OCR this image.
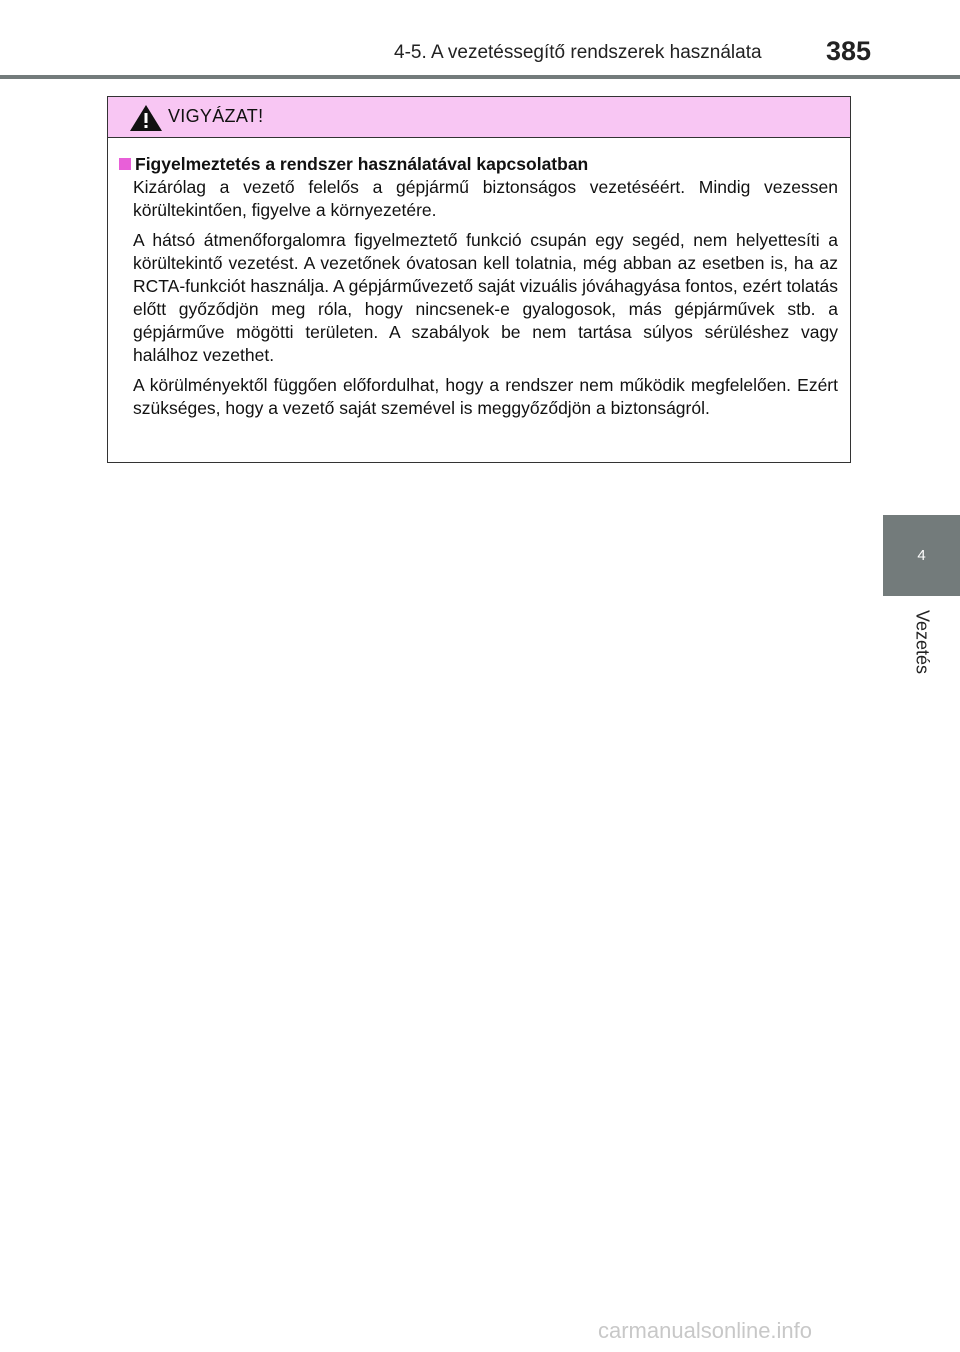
4-5. A vezetéssegítő rendszerek használata 385
VIGYÁZAT!
Figyelmeztetés a rendszer használatával kapcsolatban

Kizárólag a vezető felelős a gépjármű biztonságos vezetéséért. Mindig vezessen körültekintően, figyelve a környezetére.

A hátsó átmenőforgalomra figyelmeztető funkció csupán egy segéd, nem helyettesíti a körültekintő vezetést. A vezetőnek óvatosan kell tolatnia, még abban az esetben is, ha az RCTA-funkciót használja. A gépjárművezető saját vizuális jóváhagyása fontos, ezért tolatás előtt győződjön meg róla, hogy nincsenek-e gyalogosok, más gépjárművek stb. a gépjárműve mögötti területen. A szabályok be nem tartása súlyos sérüléshez vagy halálhoz vezethet.

A körülményektől függően előfordulhat, hogy a rendszer nem működik megfelelően. Ezért szükséges, hogy a vezető saját szemével is meggyőződjön a biztonságról.

4
Vezetés
carmanualsonline.info
